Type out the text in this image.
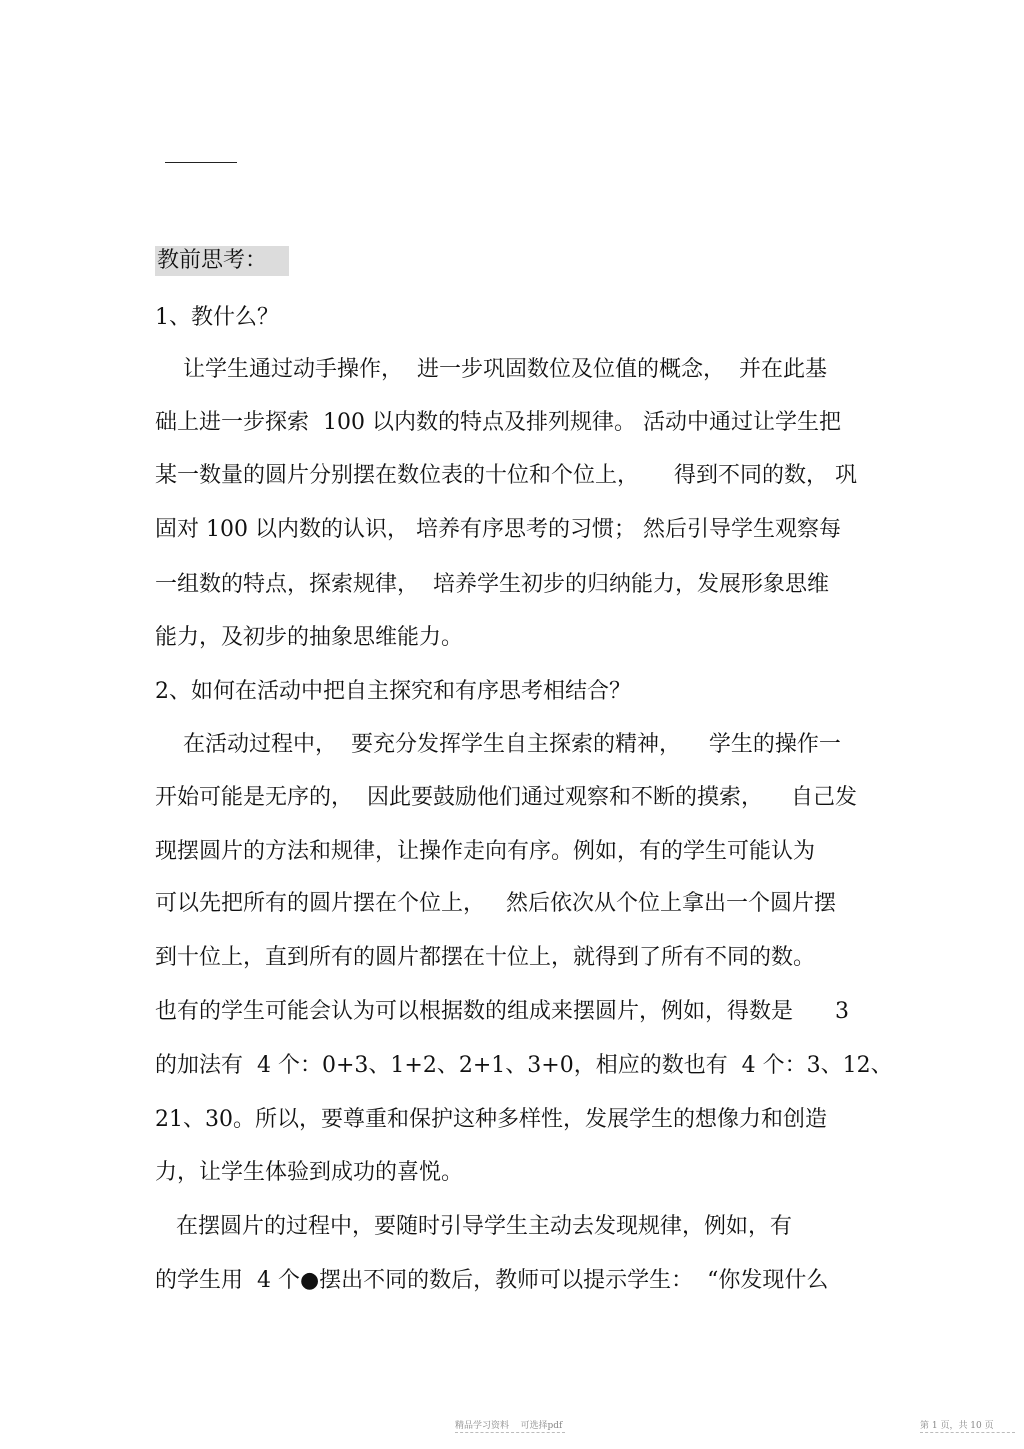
教前思考：
1、教什么？
让学生通过动手操作，  进一步巩固数位及位值的概念，  并在此基
础上进一步探索  100 以内数的特点及排列规律。 活动中通过让学生把
某一数量的圆片分别摆在数位表的十位和个位上，     得到不同的数， 巩
固对 100 以内数的认识， 培养有序思考的习惯； 然后引导学生观察每
一组数的特点，探索规律，  培养学生初步的归纳能力，发展形象思维
能力，及初步的抽象思维能力。
2、如何在活动中把自主探究和有序思考相结合？
在活动过程中，  要充分发挥学生自主探索的精神，    学生的操作一
开始可能是无序的，  因此要鼓励他们通过观察和不断的摸索，    自己发
现摆圆片的方法和规律，让操作走向有序。例如，有的学生可能认为
可以先把所有的圆片摆在个位上，   然后依次从个位上拿出一个圆片摆
到十位上，直到所有的圆片都摆在十位上，就得到了所有不同的数。
也有的学生可能会认为可以根据数的组成来摆圆片，例如，得数是      3
的加法有  4 个：0+3、1+2、2+1、3+0，相应的数也有  4 个：3、12、
21、30。所以，要尊重和保护这种多样性，发展学生的想像力和创造
力，让学生体验到成功的喜悦。
在摆圆片的过程中，要随时引导学生主动去发现规律，例如，有
的学生用  4 个●摆出不同的数后，教师可以提示学生：  “你发现什么
精品学习资料    可选择pdf	第 1 页，共 10 页
